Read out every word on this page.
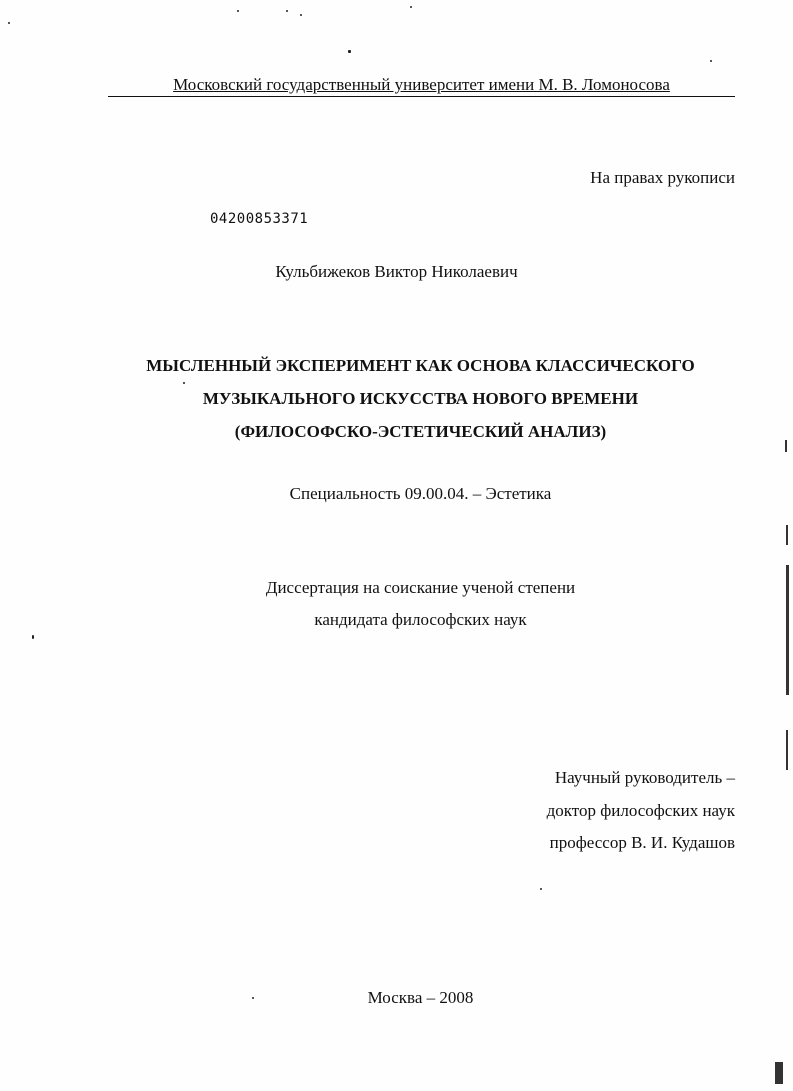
Московский государственный университет имени М. В. Ломоносова
На правах рукописи
04200853371
Кульбижеков Виктор Николаевич
МЫСЛЕННЫЙ ЭКСПЕРИМЕНТ КАК ОСНОВА КЛАССИЧЕСКОГО
МУЗЫКАЛЬНОГО ИСКУССТВА НОВОГО ВРЕМЕНИ
(ФИЛОСОФСКО-ЭСТЕТИЧЕСКИЙ АНАЛИЗ)
Специальность 09.00.04. – Эстетика
Диссертация на соискание ученой степени
кандидата философских наук
Научный руководитель –
доктор философских наук
профессор В. И. Кудашов
Москва – 2008
